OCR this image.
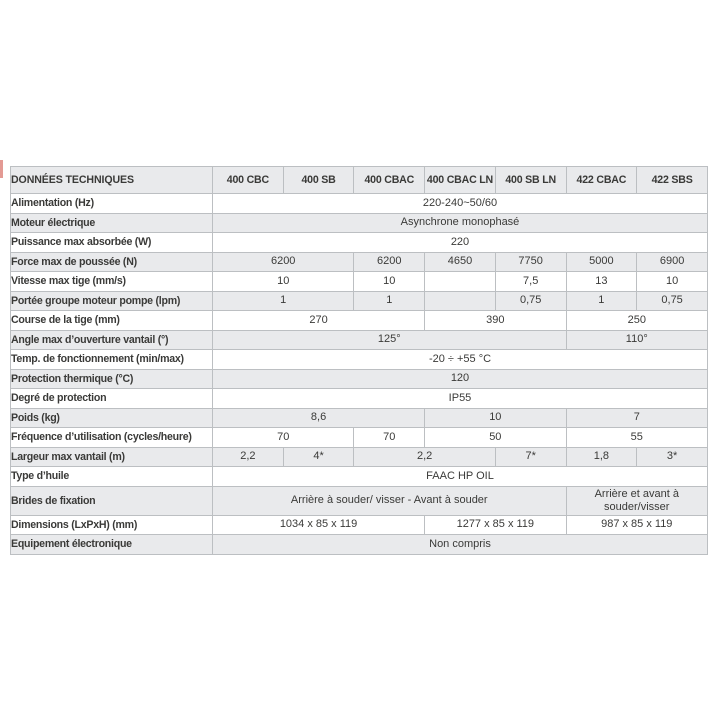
DONNÉES TECHNIQUES	400 CBC	400 SB	400 CBAC	400 CBAC LN	400 SB LN	422 CBAC	422 SBS
Alimentation (Hz)	220-240~50/60						
Moteur électrique	Asynchrone monophasé						
Puissance max absorbée (W)	220						
Force max de poussée (N)	6200		6200	4650	7750	5000	6900
Vitesse max tige (mm/s)	10		10		7,5	13	10
Portée groupe moteur pompe (lpm)	1		1		0,75	1	0,75
Course de la tige (mm)	270			390		250	
Angle max d’ouverture vantail (°)	125°					110°	
Temp. de fonctionnement (min/max)	-20 ÷ +55 °C						
Protection thermique (°C)	120						
Degré de protection	IP55						
Poids (kg)	8,6			10		7	
Fréquence d’utilisation (cycles/heure)	70		70	50		55	
Largeur max vantail (m)	2,2	4*	2,2		7*	1,8	3*
Type d’huile	FAAC HP OIL						
Brides de fixation	Arrière à souder/ visser - Avant à souder					Arrière et avant à souder/visser	
Dimensions (LxPxH) (mm)	1034 x 85 x 119			1277 x 85 x 119		987 x 85 x 119	
Equipement électronique	Non compris						
